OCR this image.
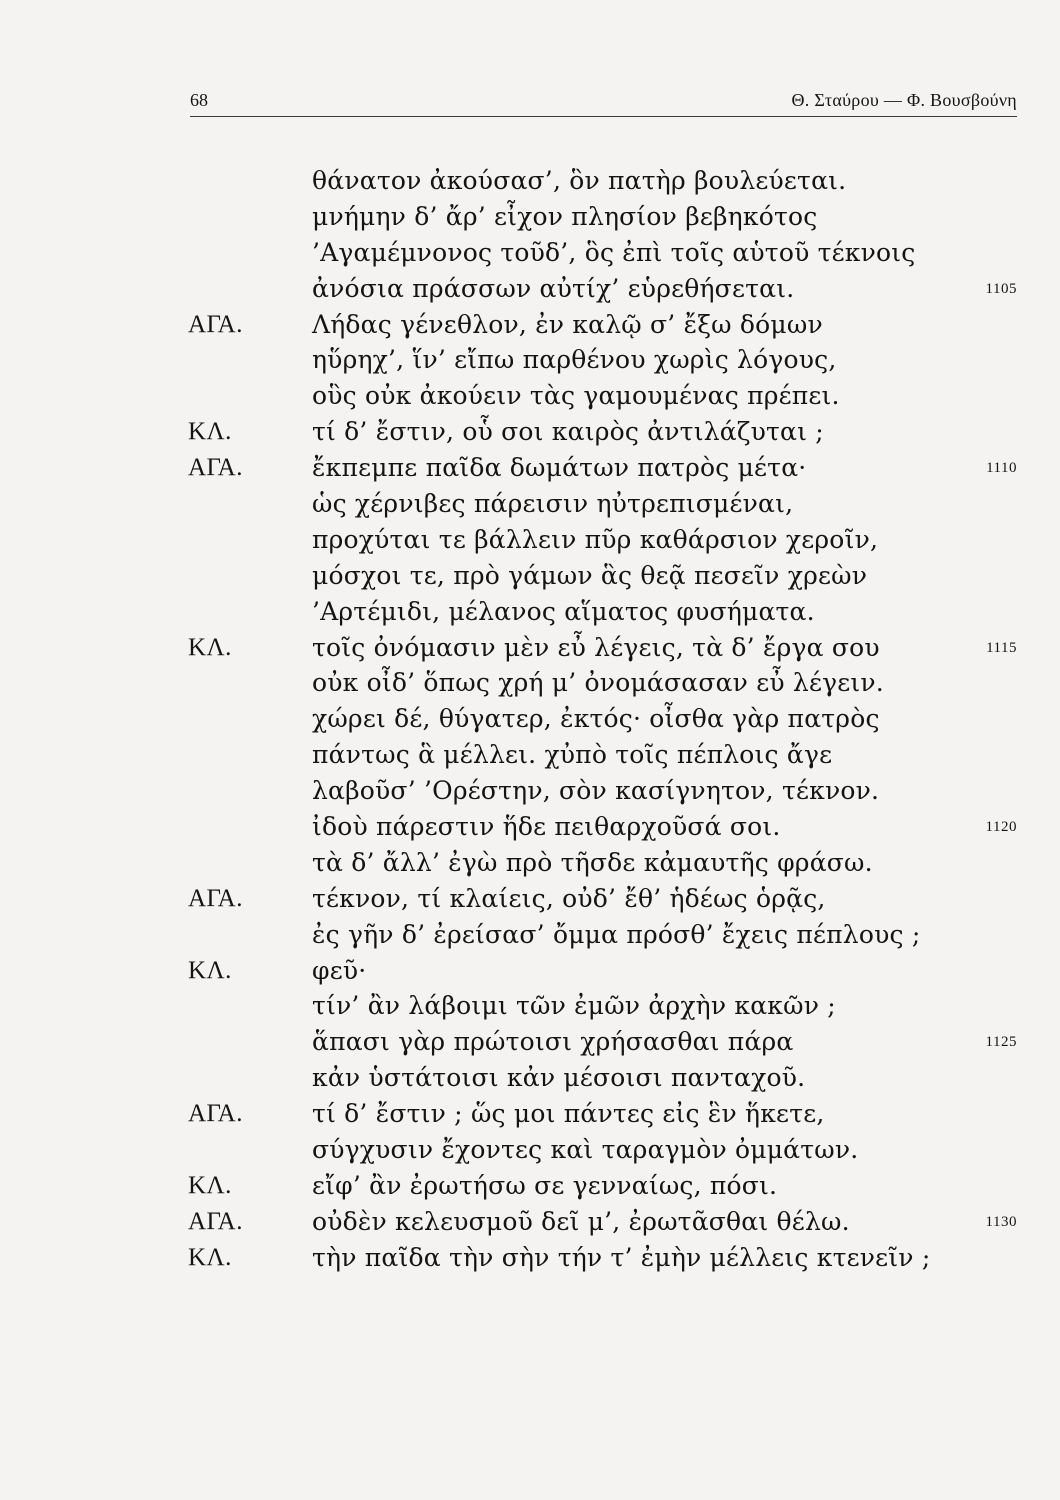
68	Θ. Σταύρου — Φ. Βουσβούνη
θάνατον ἀκούσασ’, ὃν πατὴρ βουλεύεται.
μνήμην δ’ ἄρ’ εἶχον πλησίον βεβηκότος
’Αγαμέμνονος τοῦδ’, ὃς ἐπὶ τοῖς αὑτοῦ τέκνοις
ἀνόσια πράσσων αὐτίχ’ εὑρεθήσεται.	1105
ΑΓΑ.	Λήδας γένεθλον, ἐν καλῷ σ’ ἔξω δόμων
ηὕρηχ’, ἵν’ εἴπω παρθένου χωρὶς λόγους,
οὓς οὐκ ἀκούειν τὰς γαμουμένας πρέπει.
ΚΛ.	τί δ’ ἔστιν, οὗ σοι καιρὸς ἀντιλάζυται ;
ΑΓΑ.	ἔκπεμπε παῖδα δωμάτων πατρὸς μέτα·	1110
ὡς χέρνιβες πάρεισιν ηὐτρεπισμέναι,
προχύται τε βάλλειν πῦρ καθάρσιον χεροῖν,
μόσχοι τε, πρὸ γάμων ἃς θεᾷ πεσεῖν χρεὼν
’Αρτέμιδι, μέλανος αἵματος φυσήματα.
ΚΛ.	τοῖς ὀνόμασιν μὲν εὖ λέγεις, τὰ δ’ ἔργα σου	1115
οὐκ οἶδ’ ὅπως χρή μ’ ὀνομάσασαν εὖ λέγειν.
χώρει δέ, θύγατερ, ἐκτός· οἶσθα γὰρ πατρὸς
πάντως ἃ μέλλει. χὐπὸ τοῖς πέπλοις ἄγε
λαβοῦσ’ ’Ορέστην, σὸν κασίγνητον, τέκνον.
ἰδοὺ πάρεστιν ἥδε πειθαρχοῦσά σοι.	1120
τὰ δ’ ἄλλ’ ἐγὼ πρὸ τῆσδε κἀμαυτῆς φράσω.
ΑΓΑ.	τέκνον, τί κλαίεις, οὐδ’ ἔθ’ ἡδέως ὁρᾷς,
ἐς γῆν δ’ ἐρείσασ’ ὄμμα πρόσθ’ ἔχεις πέπλους ;
ΚΛ.	φεῦ·
τίν’ ἂν λάβοιμι τῶν ἐμῶν ἀρχὴν κακῶν ;
ἅπασι γὰρ πρώτοισι χρήσασθαι πάρα	1125
κἀν ὑστάτοισι κἀν μέσοισι πανταχοῦ.
ΑΓΑ.	τί δ’ ἔστιν ; ὥς μοι πάντες εἰς ἓν ἥκετε,
σύγχυσιν ἔχοντες καὶ ταραγμὸν ὀμμάτων.
ΚΛ.	εἴφ’ ἂν ἐρωτήσω σε γενναίως, πόσι.
ΑΓΑ.	οὐδὲν κελευσμοῦ δεῖ μ’, ἐρωτᾶσθαι θέλω.	1130
ΚΛ.	τὴν παῖδα τὴν σὴν τήν τ’ ἐμὴν μέλλεις κτενεῖν ;
